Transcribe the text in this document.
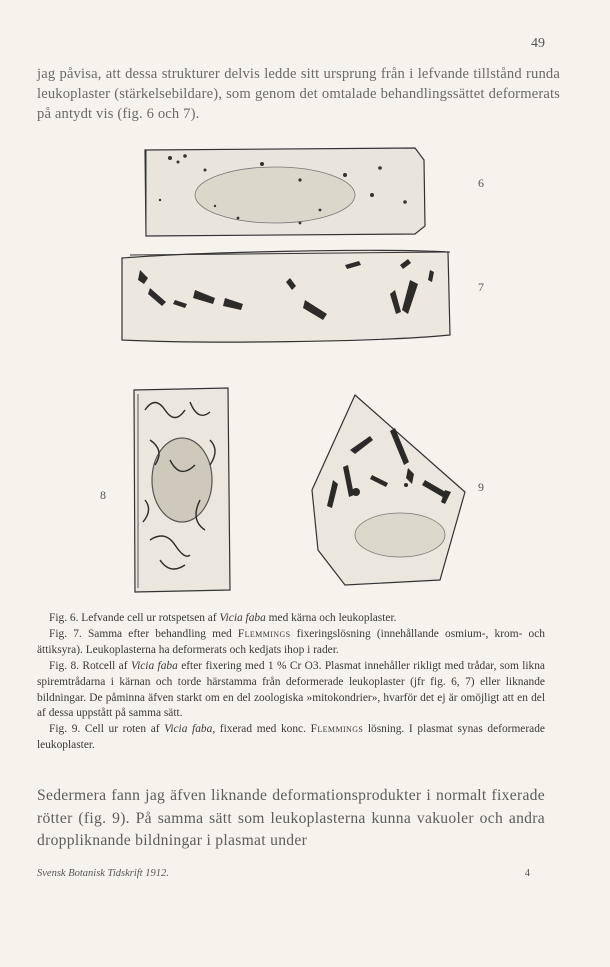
49
jag påvisa, att dessa strukturer delvis ledde sitt ursprung från i lefvande tillstånd runda leukoplaster (stärkelsebildare), som genom det omtalade behandlingssättet deformerats på antydt vis (fig. 6 och 7).
6
7
8
9

Fig. 6. Lefvande cell ur rotspetsen af Vicia faba med kärna och leukoplaster.

Fig. 7. Samma efter behandling med Flemmings fixeringslösning (innehållande osmium-, krom- och ättiksyra). Leukoplasterna ha deformerats och kedjats ihop i rader.

Fig. 8. Rotcell af Vicia faba efter fixering med 1 % Cr O3. Plasmat innehåller rikligt med trådar, som likna spiremtrådarna i kärnan och torde härstamma från deformerade leukoplaster (jfr fig. 6, 7) eller liknande bildningar. De påminna äfven starkt om en del zoologiska »mitokondrier», hvarför det ej är omöjligt att en del af dessa uppstått på samma sätt.

Fig. 9. Cell ur roten af Vicia faba, fixerad med konc. Flemmings lösning. I plasmat synas deformerade leukoplaster.

Sedermera fann jag äfven liknande deformationsprodukter i normalt fixerade rötter (fig. 9). På samma sätt som leukoplasterna kunna vakuoler och andra droppliknande bildningar i plasmat under
Svensk Botanisk Tidskrift 1912.	4
